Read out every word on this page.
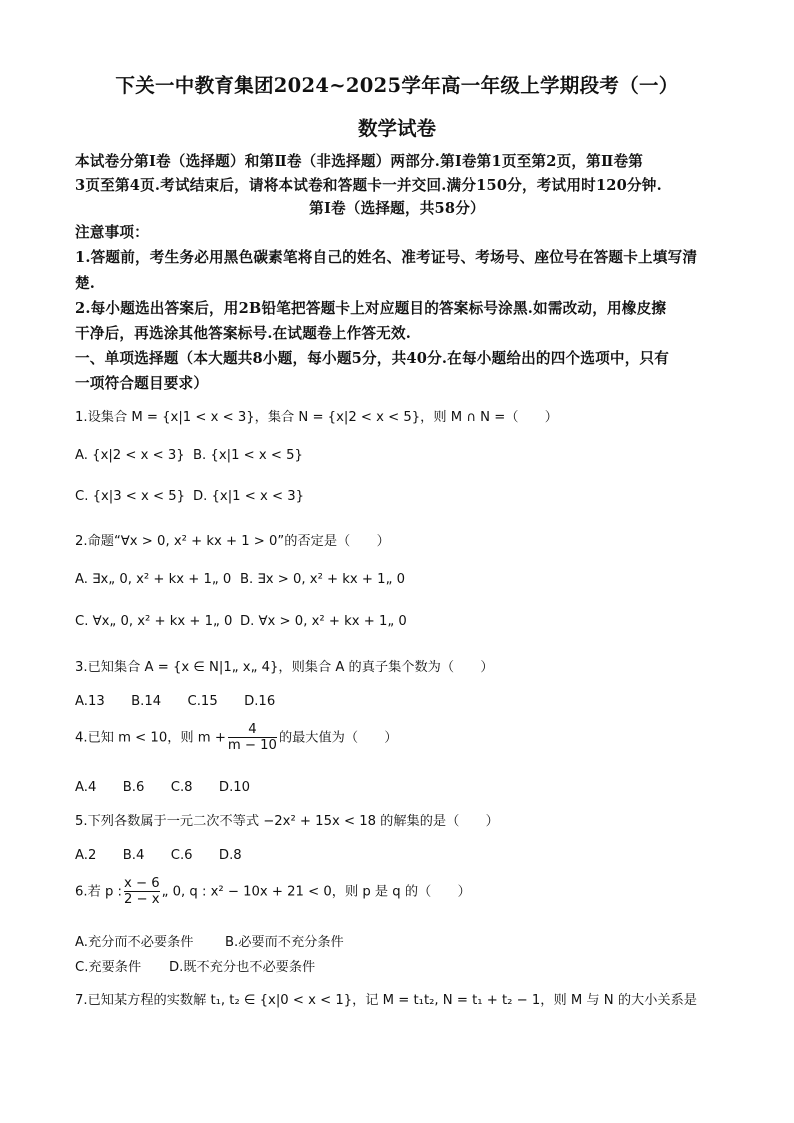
下关一中教育集团2024~2025学年高一年级上学期段考（一）
数学试卷
本试卷分第Ⅰ卷（选择题）和第Ⅱ卷（非选择题）两部分.第Ⅰ卷第1页至第2页，第Ⅱ卷第
3页至第4页.考试结束后，请将本试卷和答题卡一并交回.满分150分，考试用时120分钟.
第Ⅰ卷（选择题，共58分）
注意事项：
1.答题前，考生务必用黑色碳素笔将自己的姓名、准考证号、考场号、座位号在答题卡上填写清
楚.
2.每小题选出答案后，用2B铅笔把答题卡上对应题目的答案标号涂黑.如需改动，用橡皮擦
干净后，再选涂其他答案标号.在试题卷上作答无效.
一、单项选择题（本大题共8小题，每小题5分，共40分.在每小题给出的四个选项中，只有
一项符合题目要求）
1.设集合 M = {x|1 < x < 3}，集合 N = {x|2 < x < 5}，则 M ∩ N =（　　）
A. {x|2 < x < 3} B. {x|1 < x < 5}
C. {x|3 < x < 5} D. {x|1 < x < 3}
2.命题“∀x > 0, x² + kx + 1 > 0”的否定是（　　）
A. ∃x„ 0, x² + kx + 1„ 0 B. ∃x > 0, x² + kx + 1„ 0
C. ∀x„ 0, x² + kx + 1„ 0 D. ∀x > 0, x² + kx + 1„ 0
3.已知集合 A = {x ∈ N|1„ x„ 4}，则集合 A 的真子集个数为（　　）
A.13　　B.14　　C.15　　D.16
4.已知 m < 10，则 $m + \frac{4}{m - 10}$ 的最大值为（　　）
A.4　　B.6　　C.8　　D.10
5.下列各数属于一元二次不等式 −2x² + 15x < 18 的解集的是（　　）
A.2　　B.4　　C.6　　D.8
6.若 p : $\frac{x - 6}{2 - x}$ „ 0, q : x² − 10x + 21 < 0，则 p 是 q 的（　　）
A.充分而不必要条件 B.必要而不充分条件
C.充要条件 D.既不充分也不必要条件
7.已知某方程的实数解 t₁, t₂ ∈ {x|0 < x < 1}，记 M = t₁t₂, N = t₁ + t₂ − 1，则 M 与 N 的大小关系是
